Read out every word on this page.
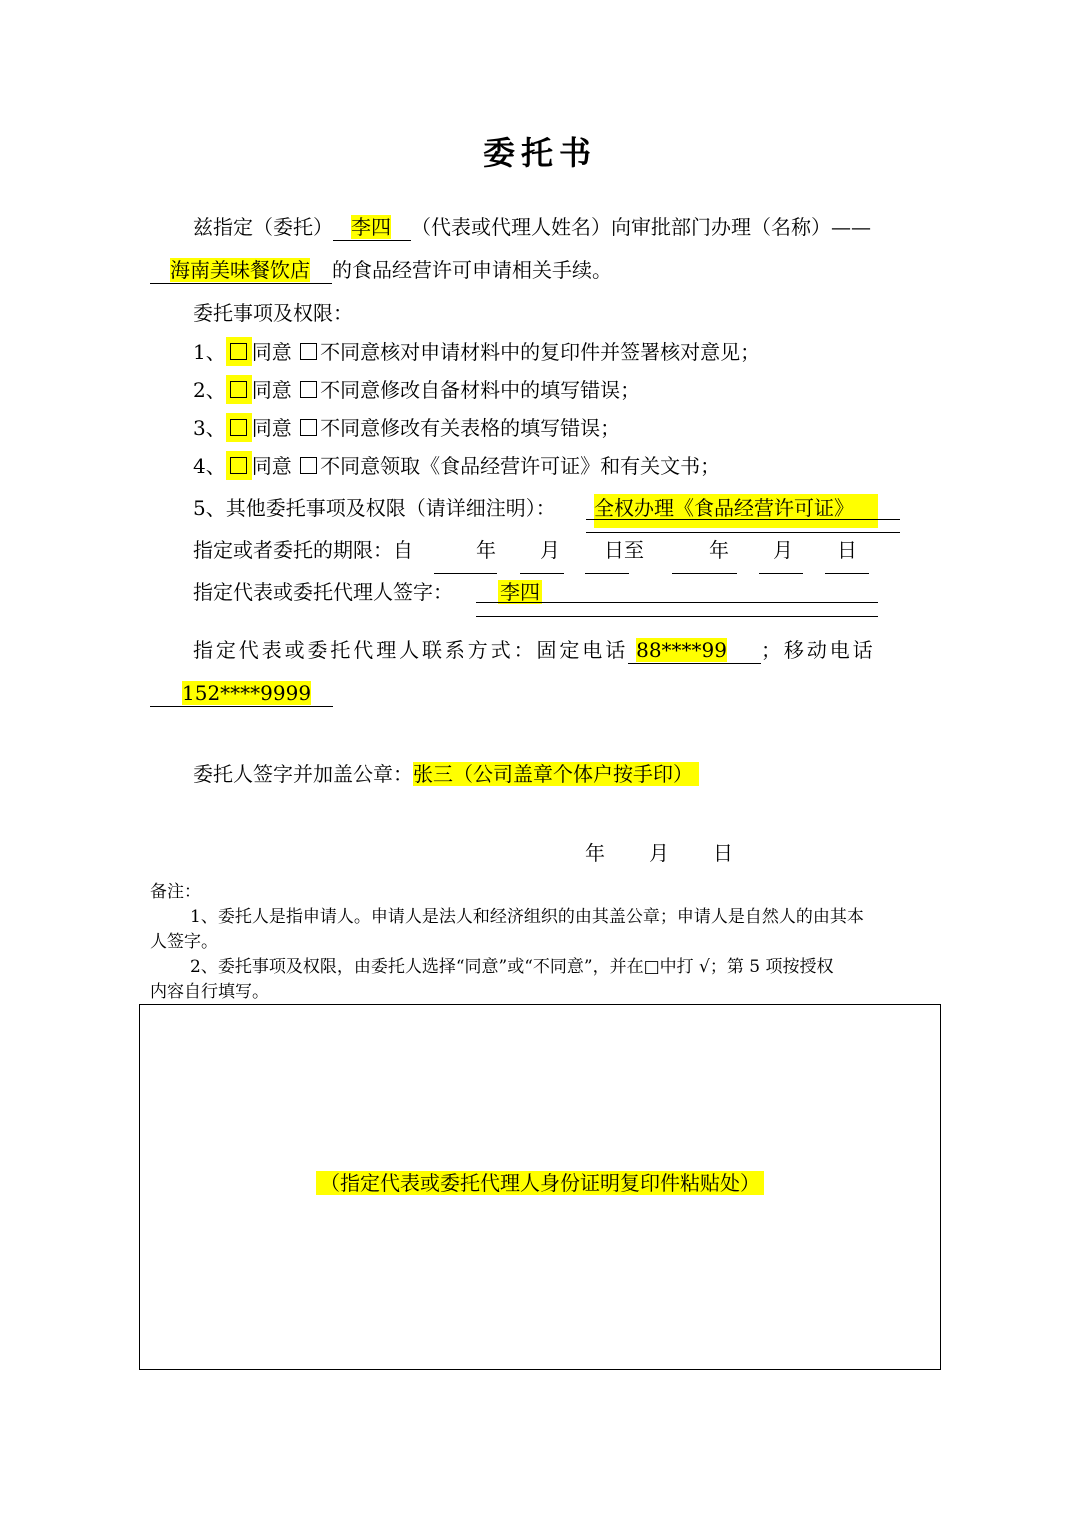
委托书
兹指定（委托） 李四 （代表或代理人姓名）向审批部门办理（名称）——
海南美味餐饮店 的食品经营许可申请相关手续。
委托事项及权限：
1、 同意 不同意核对申请材料中的复印件并签署核对意见；
2、 同意 不同意修改自备材料中的填写错误；
3、 同意 不同意修改有关表格的填写错误；
4、 同意 不同意领取《食品经营许可证》和有关文书；
5、其他委托事项及权限（请详细注明）： 全权办理《食品经营许可证》
指定或者委托的期限：自	年 月 日至	年 月 日
指定代表或委托代理人签字：	李四
指定代表或委托代理人联系方式：固定电话 88****99 ；移动电话
152****9999
委托人签字并加盖公章：张三（公司盖章个体户按手印）
年 月 日
备注：
1、委托人是指申请人。申请人是法人和经济组织的由其盖公章；申请人是自然人的由其本
人签字。
2、委托事项及权限，由委托人选择“同意”或“不同意”，并在□中打 √；第 5 项按授权
内容自行填写。
（指定代表或委托代理人身份证明复印件粘贴处）
